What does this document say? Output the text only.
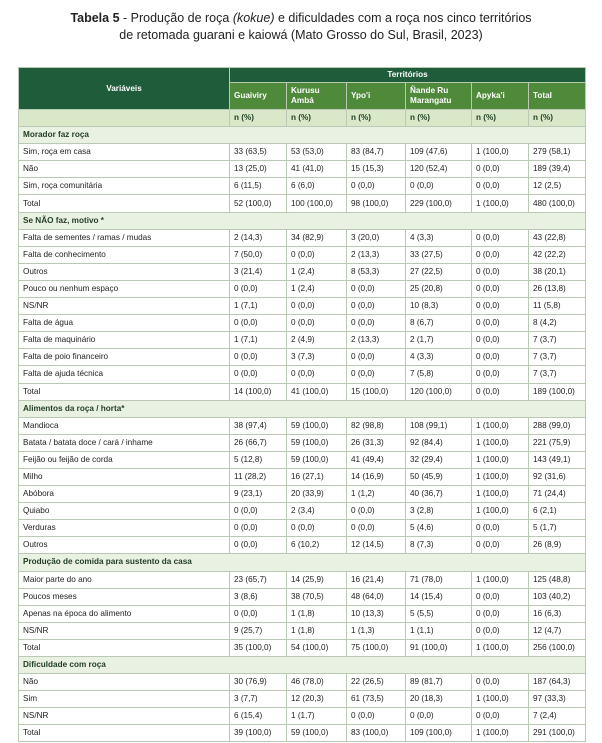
Tabela 5 - Produção de roça (kokue) e dificuldades com a roça nos cinco territórios
de retomada guarani e kaiowá (Mato Grosso do Sul, Brasil, 2023)
Variáveis	Territórios					
	Guaiviry	Kurusu Ambá	Ypo'i	Ñande Ru Marangatu	Apyka'i	Total
	n (%)	n (%)	n (%)	n (%)	n (%)	n (%)
Morador faz roça						
Sim, roça em casa	33 (63,5)	53 (53,0)	83 (84,7)	109 (47,6)	1 (100,0)	279 (58,1)
Não	13 (25,0)	41 (41,0)	15 (15,3)	120 (52,4)	0 (0,0)	189 (39,4)
Sim, roça comunitária	6 (11,5)	6 (6,0)	0 (0,0)	0 (0,0)	0 (0,0)	12 (2,5)
Total	52 (100,0)	100 (100,0)	98 (100,0)	229 (100,0)	1 (100,0)	480 (100,0)
Se NÃO faz, motivo *						
Falta de sementes / ramas / mudas	2 (14,3)	34 (82,9)	3 (20,0)	4 (3,3)	0 (0,0)	43 (22,8)
Falta de conhecimento	7 (50,0)	0 (0,0)	2 (13,3)	33 (27,5)	0 (0,0)	42 (22,2)
Outros	3 (21,4)	1 (2,4)	8 (53,3)	27 (22,5)	0 (0,0)	38 (20,1)
Pouco ou nenhum espaço	0 (0,0)	1 (2,4)	0 (0,0)	25 (20,8)	0 (0,0)	26 (13,8)
NS/NR	1 (7,1)	0 (0,0)	0 (0,0)	10 (8,3)	0 (0,0)	11 (5,8)
Falta de água	0 (0,0)	0 (0,0)	0 (0,0)	8 (6,7)	0 (0,0)	8 (4,2)
Falta de maquinário	1 (7,1)	2 (4,9)	2 (13,3)	2 (1,7)	0 (0,0)	7 (3,7)
Falta de poio financeiro	0 (0,0)	3 (7,3)	0 (0,0)	4 (3,3)	0 (0,0)	7 (3,7)
Falta de ajuda técnica	0 (0,0)	0 (0,0)	0 (0,0)	7 (5,8)	0 (0,0)	7 (3,7)
Total	14 (100,0)	41 (100,0)	15 (100,0)	120 (100,0)	0 (0,0)	189 (100,0)
Alimentos da roça / horta*						
Mandioca	38 (97,4)	59 (100,0)	82 (98,8)	108 (99,1)	1 (100,0)	288 (99,0)
Batata / batata doce / cará / inhame	26 (66,7)	59 (100,0)	26 (31,3)	92 (84,4)	1 (100,0)	221 (75,9)
Feijão ou feijão de corda	5 (12,8)	59 (100,0)	41 (49,4)	32 (29,4)	1 (100,0)	143 (49,1)
Milho	11 (28,2)	16 (27,1)	14 (16,9)	50 (45,9)	1 (100,0)	92 (31,6)
Abóbora	9 (23,1)	20 (33,9)	1 (1,2)	40 (36,7)	1 (100,0)	71 (24,4)
Quiabo	0 (0,0)	2 (3,4)	0 (0,0)	3 (2,8)	1 (100,0)	6 (2,1)
Verduras	0 (0,0)	0 (0,0)	0 (0,0)	5 (4,6)	0 (0,0)	5 (1,7)
Outros	0 (0,0)	6 (10,2)	12 (14,5)	8 (7,3)	0 (0,0)	26 (8,9)
Produção de comida para sustento da casa						
Maior parte do ano	23 (65,7)	14 (25,9)	16 (21,4)	71 (78,0)	1 (100,0)	125 (48,8)
Poucos meses	3 (8,6)	38 (70,5)	48 (64,0)	14 (15,4)	0 (0,0)	103 (40,2)
Apenas na época do alimento	0 (0,0)	1 (1,8)	10 (13,3)	5 (5,5)	0 (0,0)	16 (6,3)
NS/NR	9 (25,7)	1 (1,8)	1 (1,3)	1 (1,1)	0 (0,0)	12 (4,7)
Total	35 (100,0)	54 (100,0)	75 (100,0)	91 (100,0)	1 (100,0)	256 (100,0)
Dificuldade com roça						
Não	30 (76,9)	46 (78,0)	22 (26,5)	89 (81,7)	0 (0,0)	187 (64,3)
Sim	3 (7,7)	12 (20,3)	61 (73,5)	20 (18,3)	1 (100,0)	97 (33,3)
NS/NR	6 (15,4)	1 (1,7)	0 (0,0)	0 (0,0)	0 (0,0)	7 (2,4)
Total	39 (100,0)	59 (100,0)	83 (100,0)	109 (100,0)	1 (100,0)	291 (100,0)
